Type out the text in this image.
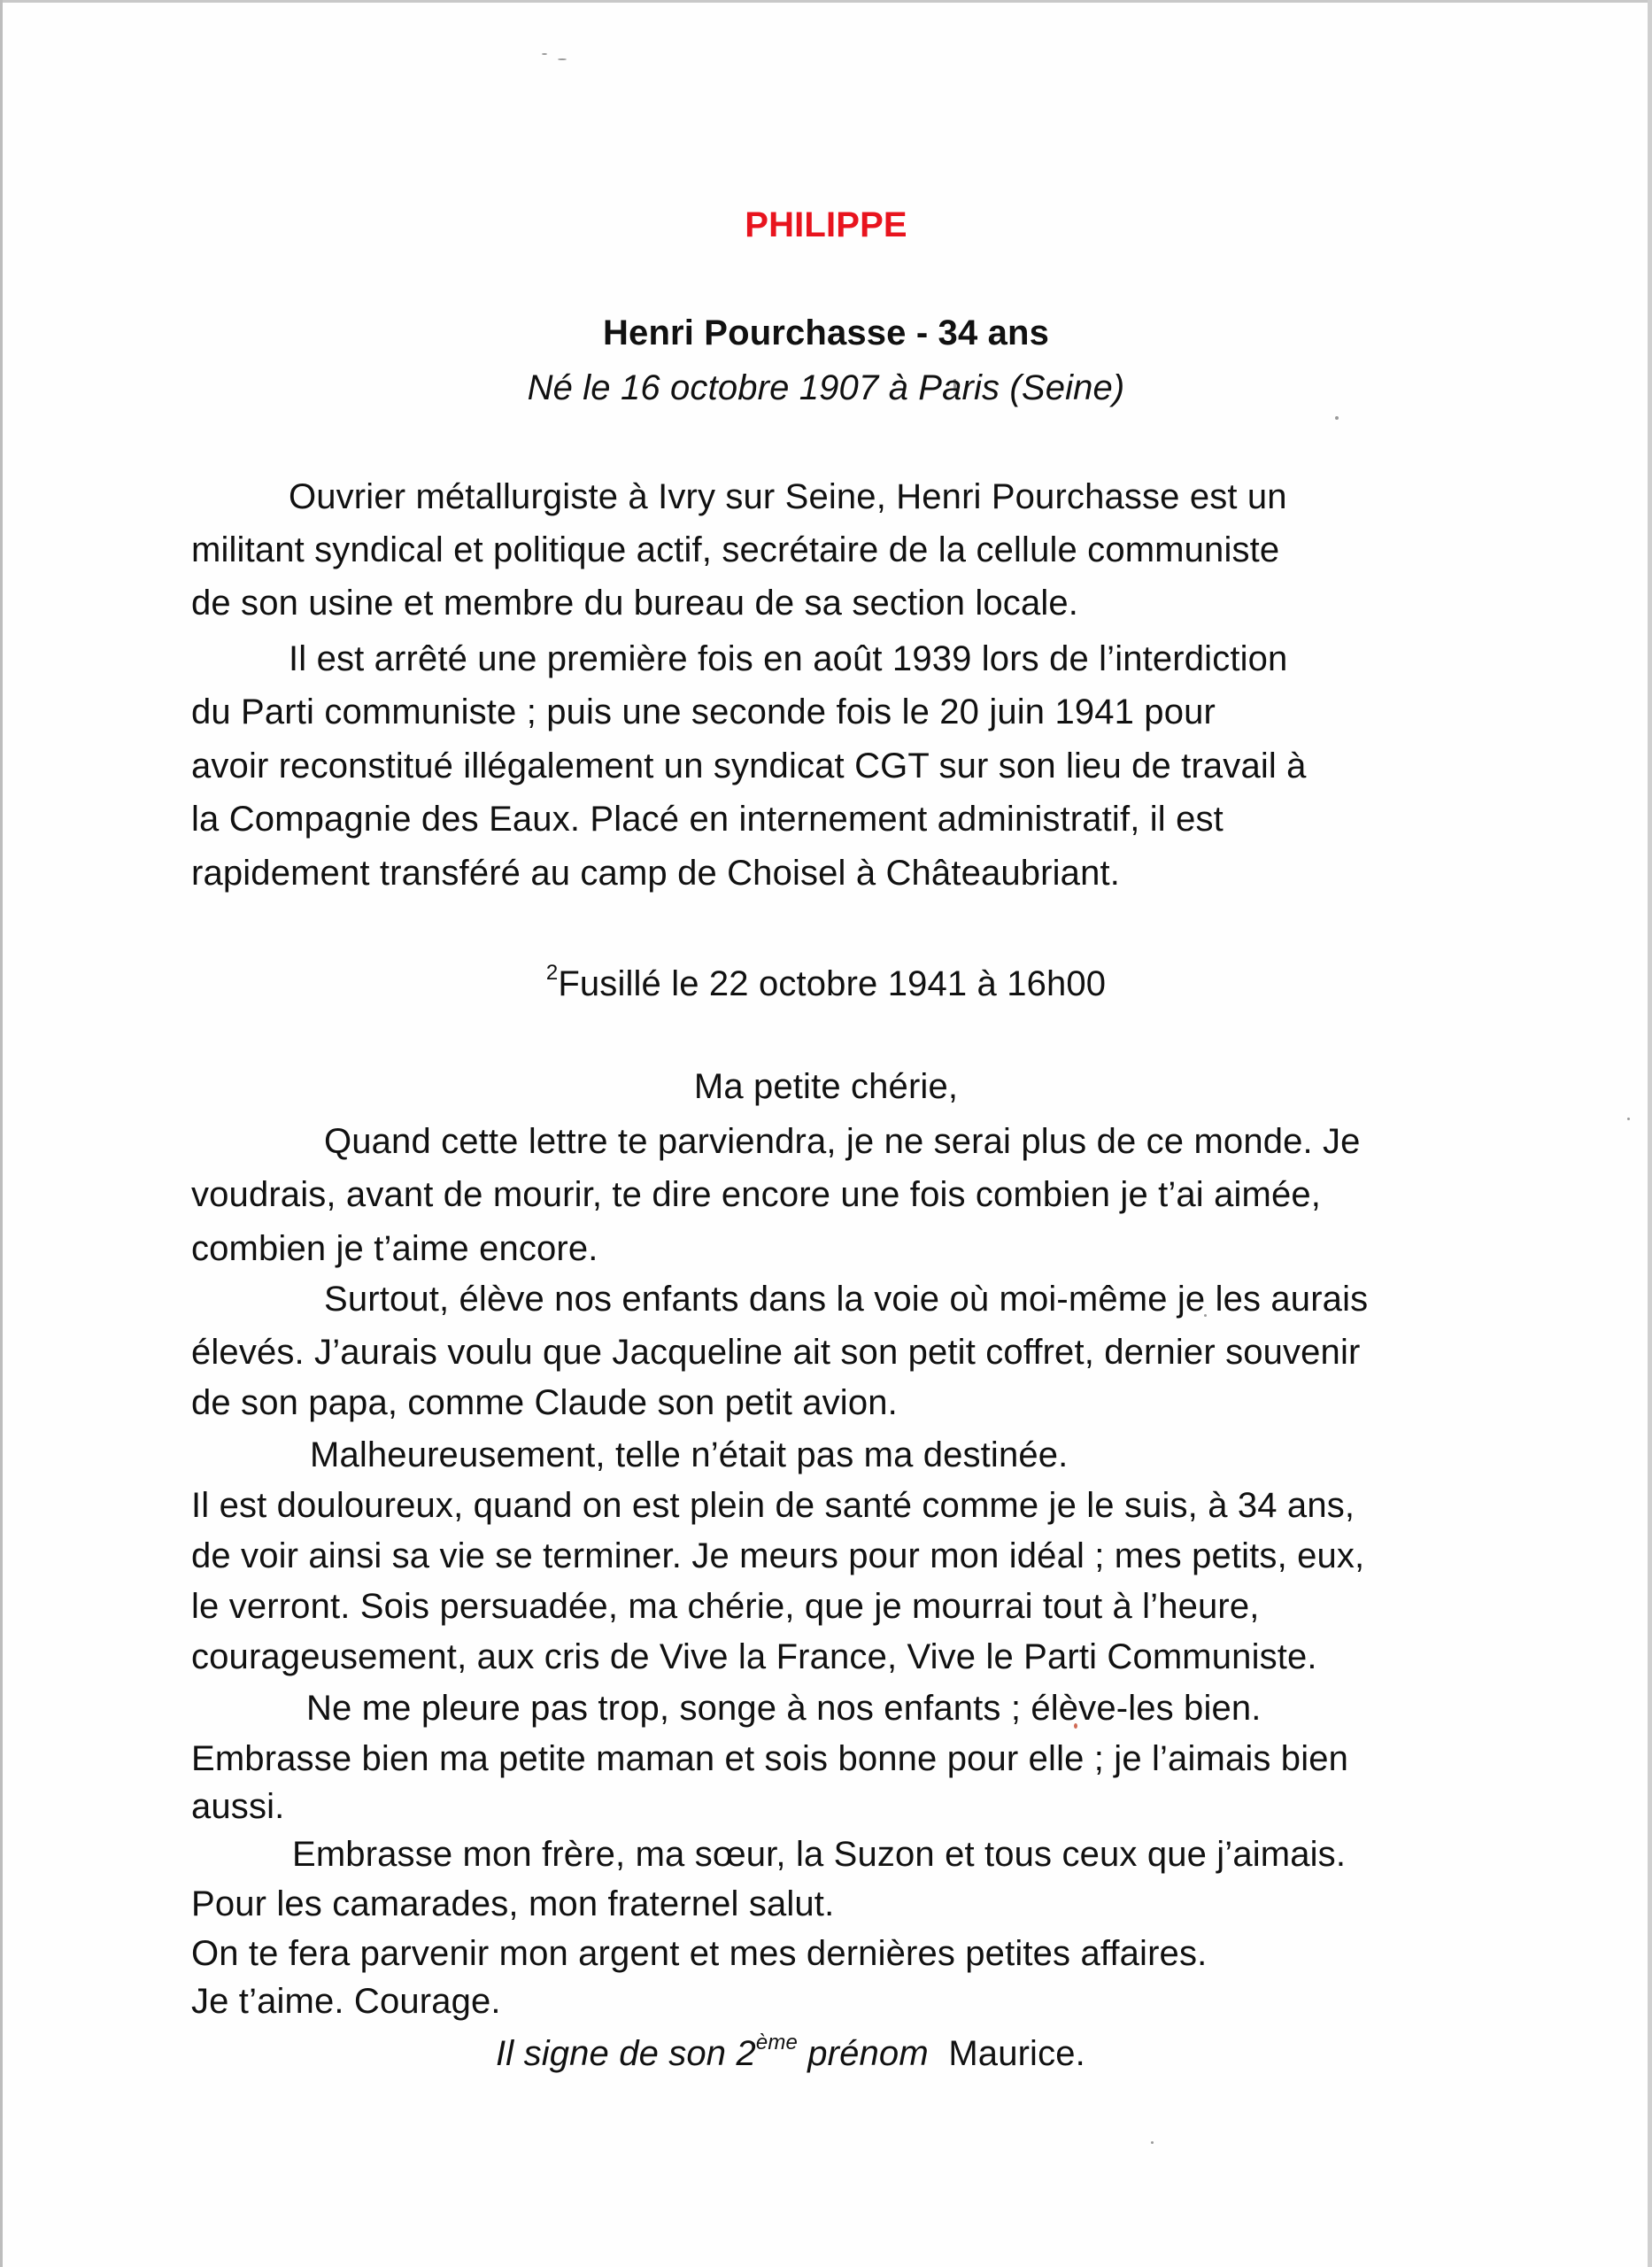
PHILIPPE
Henri Pourchasse - 34 ans
Né le 16 octobre 1907 à Paris (Seine)
Ouvrier métallurgiste à Ivry sur Seine, Henri Pourchasse est un
militant syndical et politique actif, secrétaire de la cellule communiste
de son usine et membre du bureau de sa section locale.
Il est arrêté une première fois en août 1939 lors de l’interdiction
du Parti communiste ; puis une seconde fois le 20 juin 1941 pour
avoir reconstitué illégalement un syndicat CGT sur son lieu de travail à
la Compagnie des Eaux. Placé en internement administratif, il est
rapidement transféré au camp de Choisel à Châteaubriant.
$^2$Fusillé le 22 octobre 1941 à 16h00
Ma petite chérie,
Quand cette lettre te parviendra, je ne serai plus de ce monde. Je
voudrais, avant de mourir, te dire encore une fois combien je t’ai aimée,
combien je t’aime encore.
Surtout, élève nos enfants dans la voie où moi-même je les aurais
élevés. J’aurais voulu que Jacqueline ait son petit coffret, dernier souvenir
de son papa, comme Claude son petit avion.
Malheureusement, telle n’était pas ma destinée.
Il est douloureux, quand on est plein de santé comme je le suis, à 34 ans,
de voir ainsi sa vie se terminer. Je meurs pour mon idéal ; mes petits, eux,
le verront. Sois persuadée, ma chérie, que je mourrai tout à l’heure,
courageusement, aux cris de Vive la France, Vive le Parti Communiste.
Ne me pleure pas trop, songe à nos enfants ; élève-les bien.
Embrasse bien ma petite maman et sois bonne pour elle ; je l’aimais bien
aussi.
Embrasse mon frère, ma sœur, la Suzon et tous ceux que j’aimais.
Pour les camarades, mon fraternel salut.
On te fera parvenir mon argent et mes dernières petites affaires.
Je t’aime. Courage.
Il signe de son 2ème prénom Maurice.
